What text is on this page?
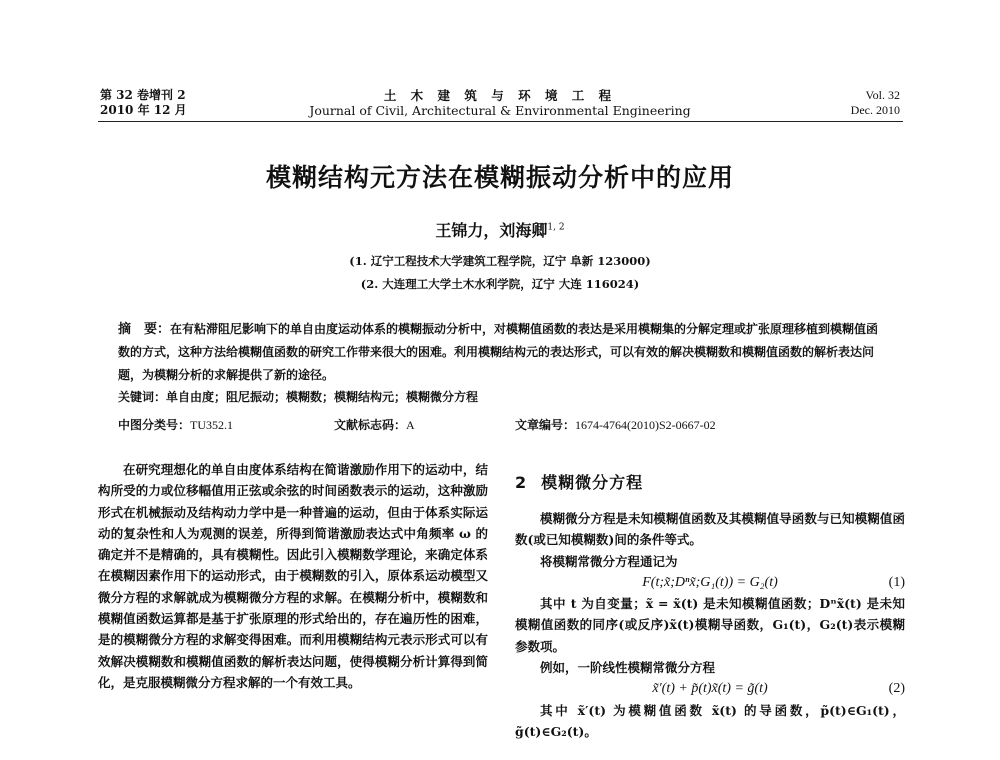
第 32 卷增刊 2
2010 年 12 月
土 木 建 筑 与 环 境 工 程
Journal of Civil, Architectural & Environmental Engineering
Vol. 32
Dec. 2010
模糊结构元方法在模糊振动分析中的应用
王锦力，刘海卿$^{1, 2}$
(1. 辽宁工程技术大学建筑工程学院，辽宁 阜新 123000)
(2. 大连理工大学土木水利学院，辽宁 大连 116024)
摘　要：在有粘滞阻尼影响下的单自由度运动体系的模糊振动分析中，对模糊值函数的表达是采用模糊集的分解定理或扩张原理移植到模糊值函数的方式，这种方法给模糊值函数的研究工作带来很大的困难。利用模糊结构元的表达形式，可以有效的解决模糊数和模糊值函数的解析表达问题，为模糊分析的求解提供了新的途径。
关键词：单自由度；阻尼振动；模糊数；模糊结构元；模糊微分方程
中图分类号：TU352.1	文献标志码：A	文章编号：1674-4764(2010)S2-0667-02

在研究理想化的单自由度体系结构在简谐激励作用下的运动中，结构所受的力或位移幅值用正弦或余弦的时间函数表示的运动，这种激励形式在机械振动及结构动力学中是一种普遍的运动，但由于体系实际运动的复杂性和人为观测的误差，所得到简谐激励表达式中角频率 ω 的确定并不是精确的，具有模糊性。因此引入模糊数学理论，来确定体系在模糊因素作用下的运动形式，由于模糊数的引入，原体系运动模型又微分方程的求解就成为模糊微分方程的求解。在模糊分析中，模糊数和模糊值函数运算都是基于扩张原理的形式给出的，存在遍历性的困难，是的模糊微分方程的求解变得困难。而利用模糊结构元表示形式可以有效解决模糊数和模糊值函数的解析表达问题，使得模糊分析计算得到简化，是克服模糊微分方程求解的一个有效工具。

2 模糊微分方程

模糊微分方程是未知模糊值函数及其模糊值导函数与已知模糊值函数(或已知模糊数)间的条件等式。

将模糊常微分方程通记为

F(t;x̃;Dⁿx̃;G₁(t)) = G₂(t)	(1)

其中 t 为自变量；x̃ = x̃(t) 是未知模糊值函数；Dⁿx̃(t) 是未知模糊值函数的同序(或反序)x̃(t)模糊导函数，G₁(t)，G₂(t)表示模糊参数项。

例如，一阶线性模糊常微分方程

x̃′(t) + p̃(t)x̃(t) = g̃(t)	(2)

其中 x̃′(t) 为模糊值函数 x̃(t) 的导函数，p̃(t)∈G₁(t)，g̃(t)∈G₂(t)。
